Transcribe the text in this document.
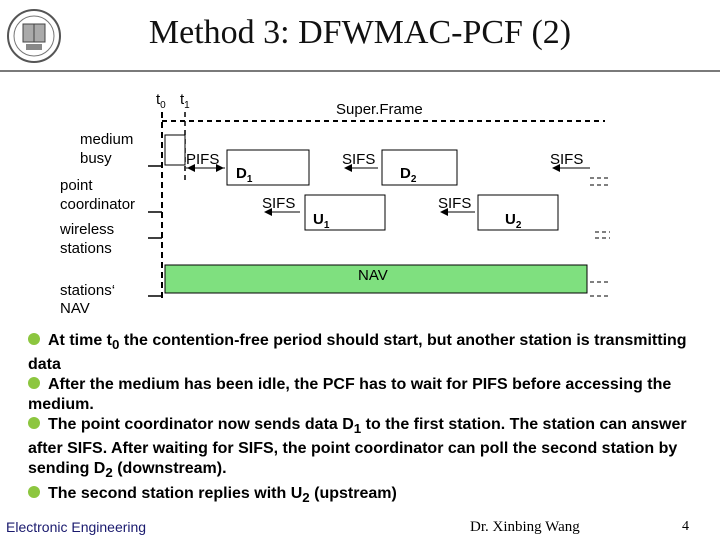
Method 3: DFWMAC-PCF (2)
$t_0$ $t_1$	Super.Frame
medium
busy
point
coordinator
wireless
stations
stations‘
NAV
PIFS
$D_1$
SIFS
$D_2$
SIFS
SIFS
$U_1$
SIFS
$U_2$
NAV

At time $t_0$ the contention-free period should start, but another station is transmitting data

After the medium has been idle, the PCF has to wait for PIFS before accessing the medium.

The point coordinator now sends data $D_1$ to the first station. The station can answer after SIFS. After waiting for SIFS, the point coordinator can poll the second station by sending $D_2$ (downstream).

The second station replies with $U_2$ (upstream)

Electronic Engineering	Dr. Xinbing Wang	4
